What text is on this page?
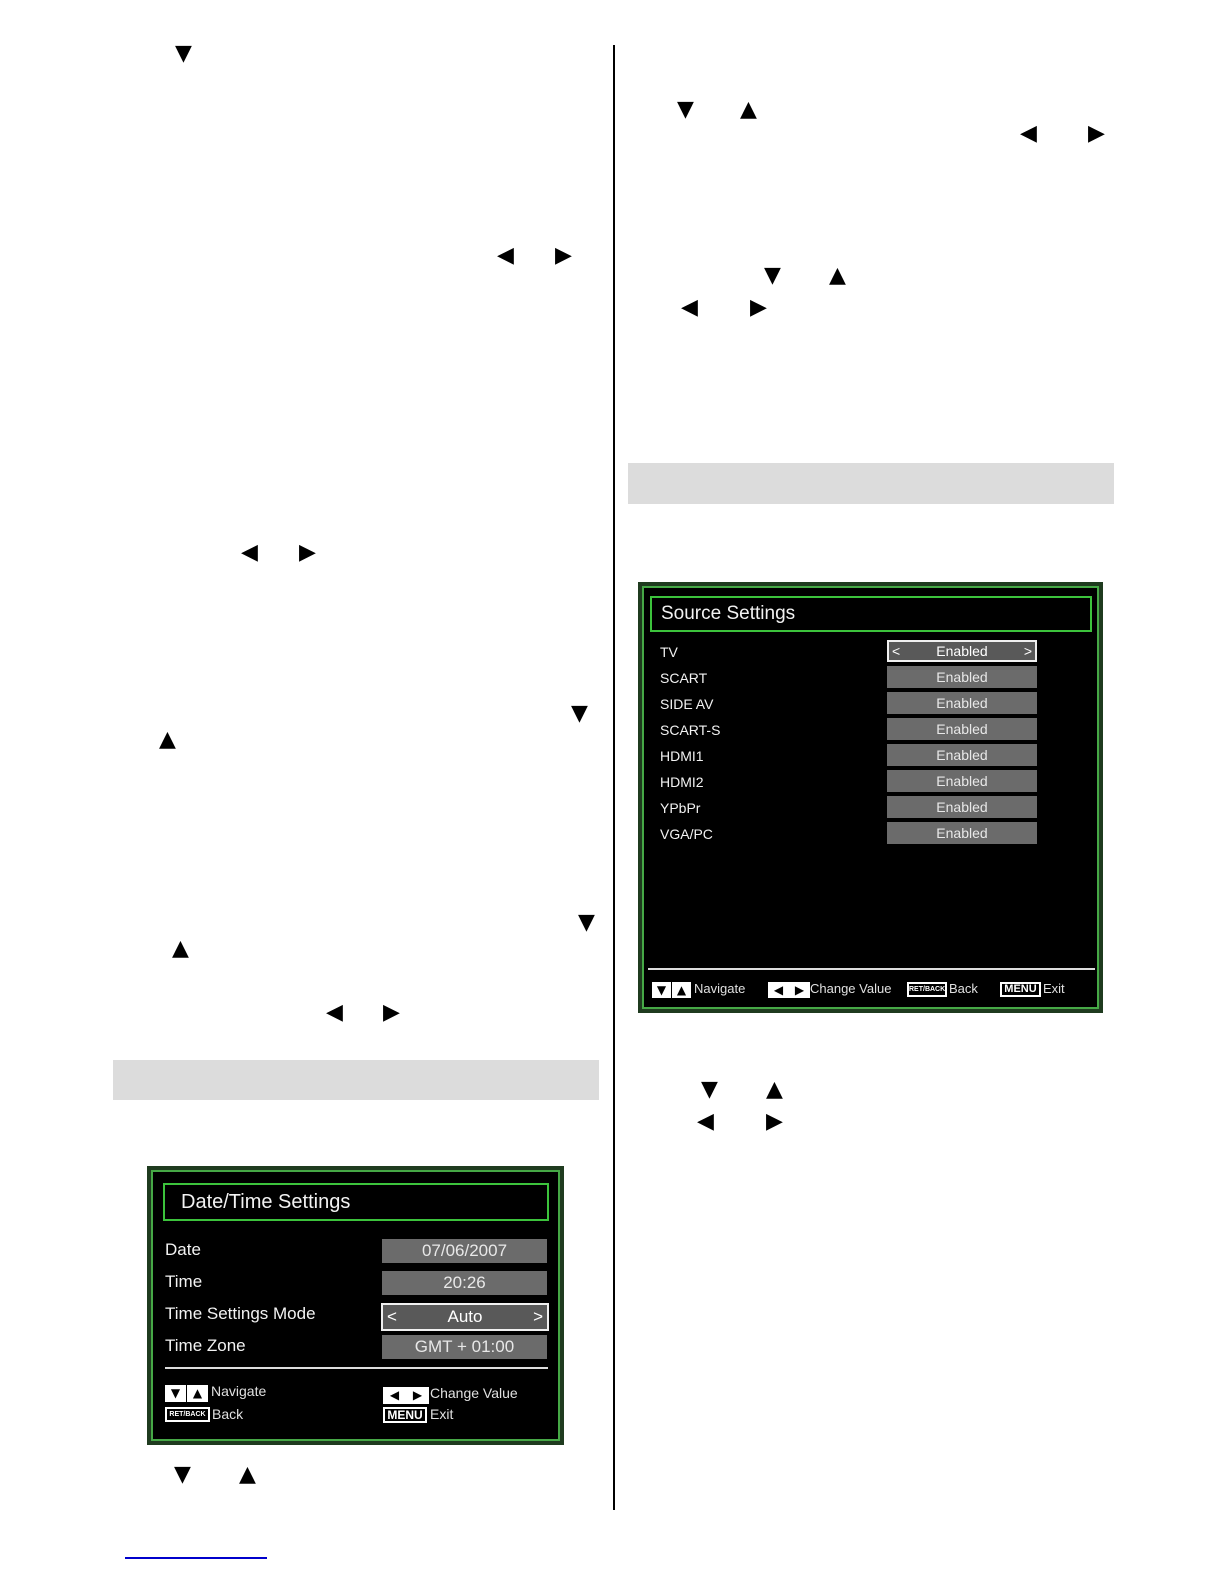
▼
◀ ▶
◀ ▶
▼
▲
▼
▲
◀ ▶
▼ ▲
▼ ▲
◀ ▶
▼ ▲
◀ ▶
▼ ▲
◀ ▶
Source Settings
TV	Enabled
<	>
SCART	Enabled
SIDE AV	Enabled
SCART-S	Enabled
HDMI1	Enabled
HDMI2	Enabled
YPbPr	Enabled
VGA/PC	Enabled
▼ ▲ Navigate	◀ ▶ Change Value	RET/BACK Back	MENU Exit
Date/Time Settings
Date	07/06/2007
Time	20:26
Time Settings Mode	Auto
<	>
Time Zone	GMT + 01:00
▼	▲ Navigate
RET/BACK Back
◀	▶ Change Value
MENU Exit
